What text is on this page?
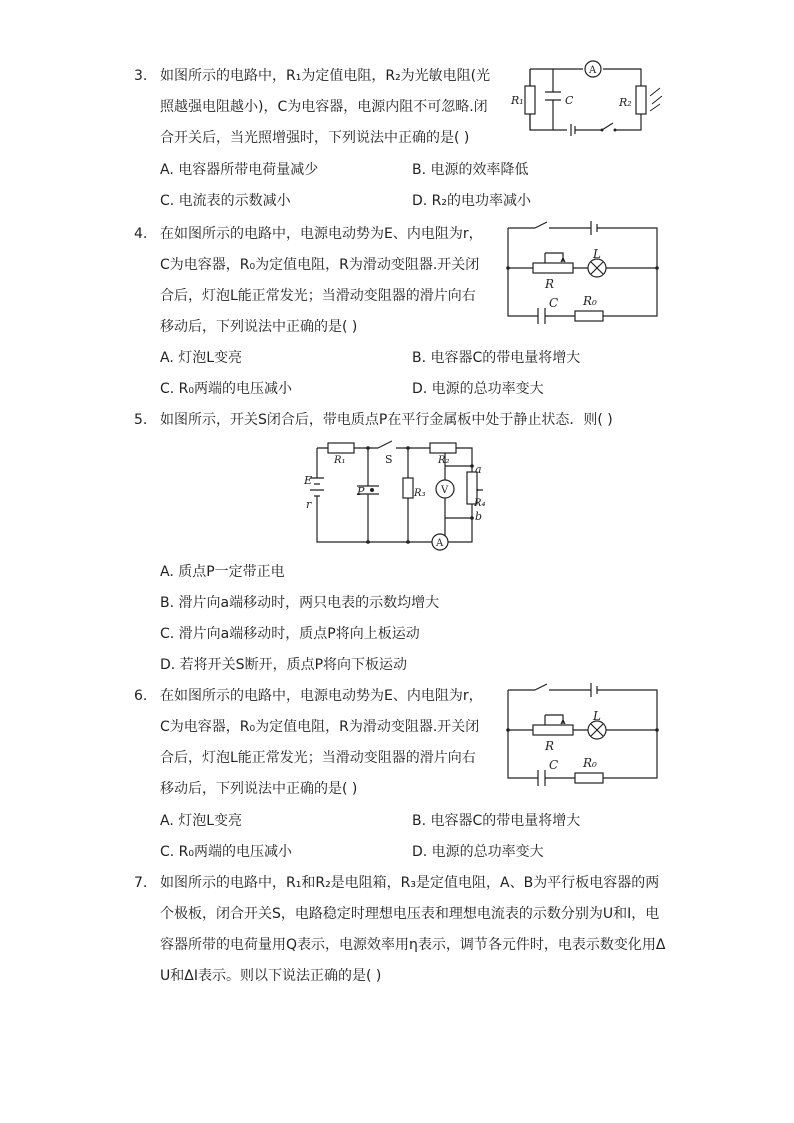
3. 如图所示的电路中，R₁为定值电阻，R₂为光敏电阻(光
照越强电阻越小)，C为电容器，电源内阻不可忽略.闭
合开关后，当光照增强时，下列说法中正确的是( )
A. 电容器所带电荷量减少	B. 电源的效率降低
C. 电流表的示数减小	D. R₂的电功率减小
A
R₁	C	R₂
4. 在如图所示的电路中，电源电动势为E、内电阻为r，
C为电容器，R₀为定值电阻，R为滑动变阻器.开关闭
合后，灯泡L能正常发光；当滑动变阻器的滑片向右
移动后，下列说法中正确的是( )
A. 灯泡L变亮	B. 电容器C的带电量将增大
C. R₀两端的电压减小	D. 电源的总功率变大
L
R
C R₀
5. 如图所示，开关S闭合后，带电质点P在平行金属板中处于静止状态．则( )
R₁	S	R₂
a
E
r
P	R₃ V
R₄
b
A
A. 质点P一定带正电
B. 滑片向a端移动时，两只电表的示数均增大
C. 滑片向a端移动时，质点P将向上板运动
D. 若将开关S断开，质点P将向下板运动
6. 在如图所示的电路中，电源电动势为E、内电阻为r，
C为电容器，R₀为定值电阻，R为滑动变阻器.开关闭
合后，灯泡L能正常发光；当滑动变阻器的滑片向右
移动后，下列说法中正确的是( )
A. 灯泡L变亮	B. 电容器C的带电量将增大
C. R₀两端的电压减小	D. 电源的总功率变大
L
R
C R₀
7. 如图所示的电路中，R₁和R₂是电阻箱，R₃是定值电阻，A、B为平行板电容器的两
个极板，闭合开关S，电路稳定时理想电压表和理想电流表的示数分别为U和I，电
容器所带的电荷量用Q表示，电源效率用η表示，调节各元件时，电表示数变化用Δ
U和ΔI表示。则以下说法正确的是( )
